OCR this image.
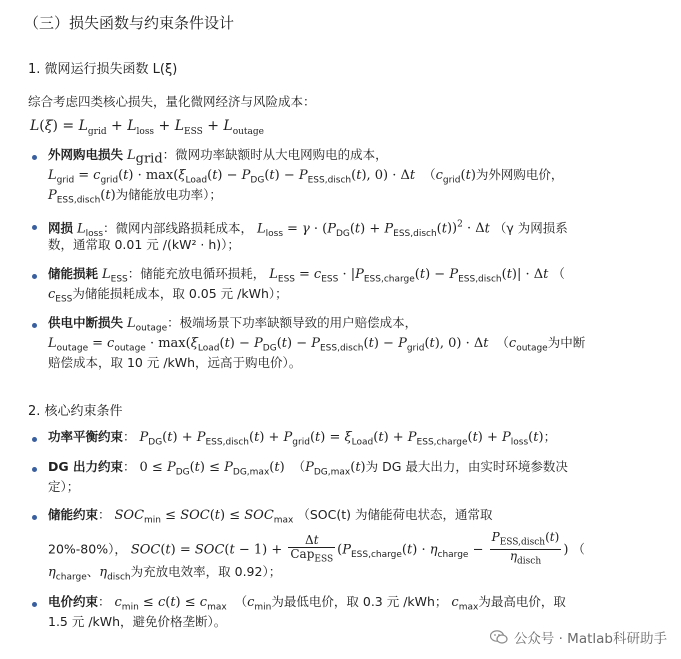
（三）损失函数与约束条件设计
1. 微网运行损失函数 L(ξ)
综合考虑四类核心损失，量化微网经济与风险成本：
$L(\xi) = L_{grid} + L_{loss} + L_{ESS} + L_{outage}$
外网购电损失 $L_{grid}$：微网功率缺额时从大电网购电的成本，
$L_{grid} = c_{grid}(t) \cdot \max(\xi_{Load}(t) - P_{DG}(t) - P_{ESS,disch}(t)$, 0) · Δt  （$c_{grid}(t)$为外网购电价，
$P_{ESS,disch}(t)$为储能放电功率）；
网损 $L_{loss}$：微网内部线路损耗成本， $L_{loss} = \gamma \cdot (P_{DG}(t) + P_{ESS,disch}(t))^2 \cdot \Delta t$ （γ 为网损系
数，通常取 0.01 元 /(kW² · h)）；
储能损耗 $L_{ESS}$：储能充放电循环损耗， $L_{ESS} = c_{ESS} \cdot |P_{ESS,charge}(t) - P_{ESS,disch}(t)| \cdot \Delta t$ （
$c_{ESS}$为储能损耗成本，取 0.05 元 /kWh）；
供电中断损失 $L_{outage}$：极端场景下功率缺额导致的用户赔偿成本，
$L_{outage} = c_{outage} \cdot \max(\xi_{Load}(t) - P_{DG}(t) - P_{ESS,disch}(t) - P_{grid}(t)$, 0) · Δt  （$c_{outage}$为中断
赔偿成本，取 10 元 /kWh，远高于购电价）。
2. 核心约束条件
功率平衡约束： $P_{DG}(t) + P_{ESS,disch}(t) + P_{grid}(t) = \xi_{Load}(t) + P_{ESS,charge}(t) + P_{loss}(t)$；
DG 出力约束： $0 \le P_{DG}(t) \le P_{DG,max}(t)$  （$P_{DG,max}(t)$为 DG 最大出力，由实时环境参数决
定）；
储能约束： $SOC_{min} \le SOC(t) \le SOC_{max}$ （SOC(t) 为储能荷电状态，通常取
20%-80%）， $SOC(t) = SOC(t - 1) + \frac{\Delta t}{Cap_{ESS}} (P_{ESS,charge}(t) \cdot \eta_{charge} - \frac{P_{ESS,disch}(t)}{\eta_{disch}}$ ) （
$\eta_{charge}$、$\eta_{disch}$为充放电效率，取 0.92）；
电价约束： $c_{min} \le c(t) \le c_{max}$  （$c_{min}$为最低电价，取 0.3 元 /kWh； $c_{max}$为最高电价，取
1.5 元 /kWh，避免价格垄断）。
公众号 · Matlab科研助手
